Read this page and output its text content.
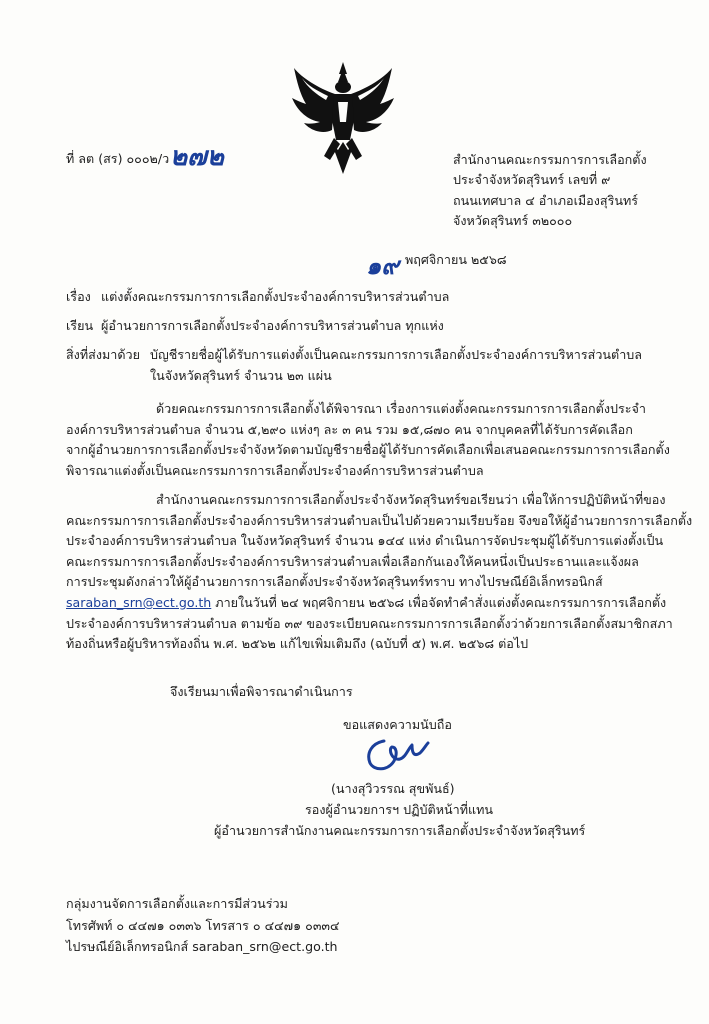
ที่ ลต (สร) ๐๐๐๒/ว ๒๗๒	สำนักงานคณะกรรมการการเลือกตั้ง
ประจำจังหวัดสุรินทร์ เลขที่ ๙
ถนนเทศบาล ๔ อำเภอเมืองสุรินทร์
จังหวัดสุรินทร์ ๓๒๐๐๐
๑๙ พฤศจิกายน ๒๕๖๘
เรื่อง แต่งตั้งคณะกรรมการการเลือกตั้งประจำองค์การบริหารส่วนตำบล
เรียน ผู้อำนวยการการเลือกตั้งประจำองค์การบริหารส่วนตำบล ทุกแห่ง
สิ่งที่ส่งมาด้วย บัญชีรายชื่อผู้ได้รับการแต่งตั้งเป็นคณะกรรมการการเลือกตั้งประจำองค์การบริหารส่วนตำบล
ในจังหวัดสุรินทร์ จำนวน ๒๓ แผ่น
ด้วยคณะกรรมการการเลือกตั้งได้พิจารณา เรื่องการแต่งตั้งคณะกรรมการการเลือกตั้งประจำ
องค์การบริหารส่วนตำบล จำนวน ๕,๒๙๐ แห่งๆ ละ ๓ คน รวม ๑๕,๘๗๐ คน จากบุคคลที่ได้รับการคัดเลือก
จากผู้อำนวยการการเลือกตั้งประจำจังหวัดตามบัญชีรายชื่อผู้ได้รับการคัดเลือกเพื่อเสนอคณะกรรมการการเลือกตั้ง
พิจารณาแต่งตั้งเป็นคณะกรรมการการเลือกตั้งประจำองค์การบริหารส่วนตำบล
สำนักงานคณะกรรมการการเลือกตั้งประจำจังหวัดสุรินทร์ขอเรียนว่า เพื่อให้การปฏิบัติหน้าที่ของ
คณะกรรมการการเลือกตั้งประจำองค์การบริหารส่วนตำบลเป็นไปด้วยความเรียบร้อย จึงขอให้ผู้อำนวยการการเลือกตั้ง
ประจำองค์การบริหารส่วนตำบล ในจังหวัดสุรินทร์ จำนวน ๑๔๔ แห่ง ดำเนินการจัดประชุมผู้ได้รับการแต่งตั้งเป็น
คณะกรรมการการเลือกตั้งประจำองค์การบริหารส่วนตำบลเพื่อเลือกกันเองให้คนหนึ่งเป็นประธานและแจ้งผล
การประชุมดังกล่าวให้ผู้อำนวยการการเลือกตั้งประจำจังหวัดสุรินทร์ทราบ ทางไปรษณีย์อิเล็กทรอนิกส์
saraban_srn@ect.go.th ภายในวันที่ ๒๔ พฤศจิกายน ๒๕๖๘ เพื่อจัดทำคำสั่งแต่งตั้งคณะกรรมการการเลือกตั้ง
ประจำองค์การบริหารส่วนตำบล ตามข้อ ๓๙ ของระเบียบคณะกรรมการการเลือกตั้งว่าด้วยการเลือกตั้งสมาชิกสภา
ท้องถิ่นหรือผู้บริหารท้องถิ่น พ.ศ. ๒๕๖๒ แก้ไขเพิ่มเติมถึง (ฉบับที่ ๕) พ.ศ. ๒๕๖๘ ต่อไป
จึงเรียนมาเพื่อพิจารณาดำเนินการ
ขอแสดงความนับถือ
(นางสุวิวรรณ สุขพันธ์)
รองผู้อำนวยการฯ ปฏิบัติหน้าที่แทน
ผู้อำนวยการสำนักงานคณะกรรมการการเลือกตั้งประจำจังหวัดสุรินทร์
กลุ่มงานจัดการเลือกตั้งและการมีส่วนร่วม
โทรศัพท์ ๐ ๔๔๗๑ ๐๓๓๖ โทรสาร ๐ ๔๔๗๑ ๐๓๓๔
ไปรษณีย์อิเล็กทรอนิกส์ saraban_srn@ect.go.th
